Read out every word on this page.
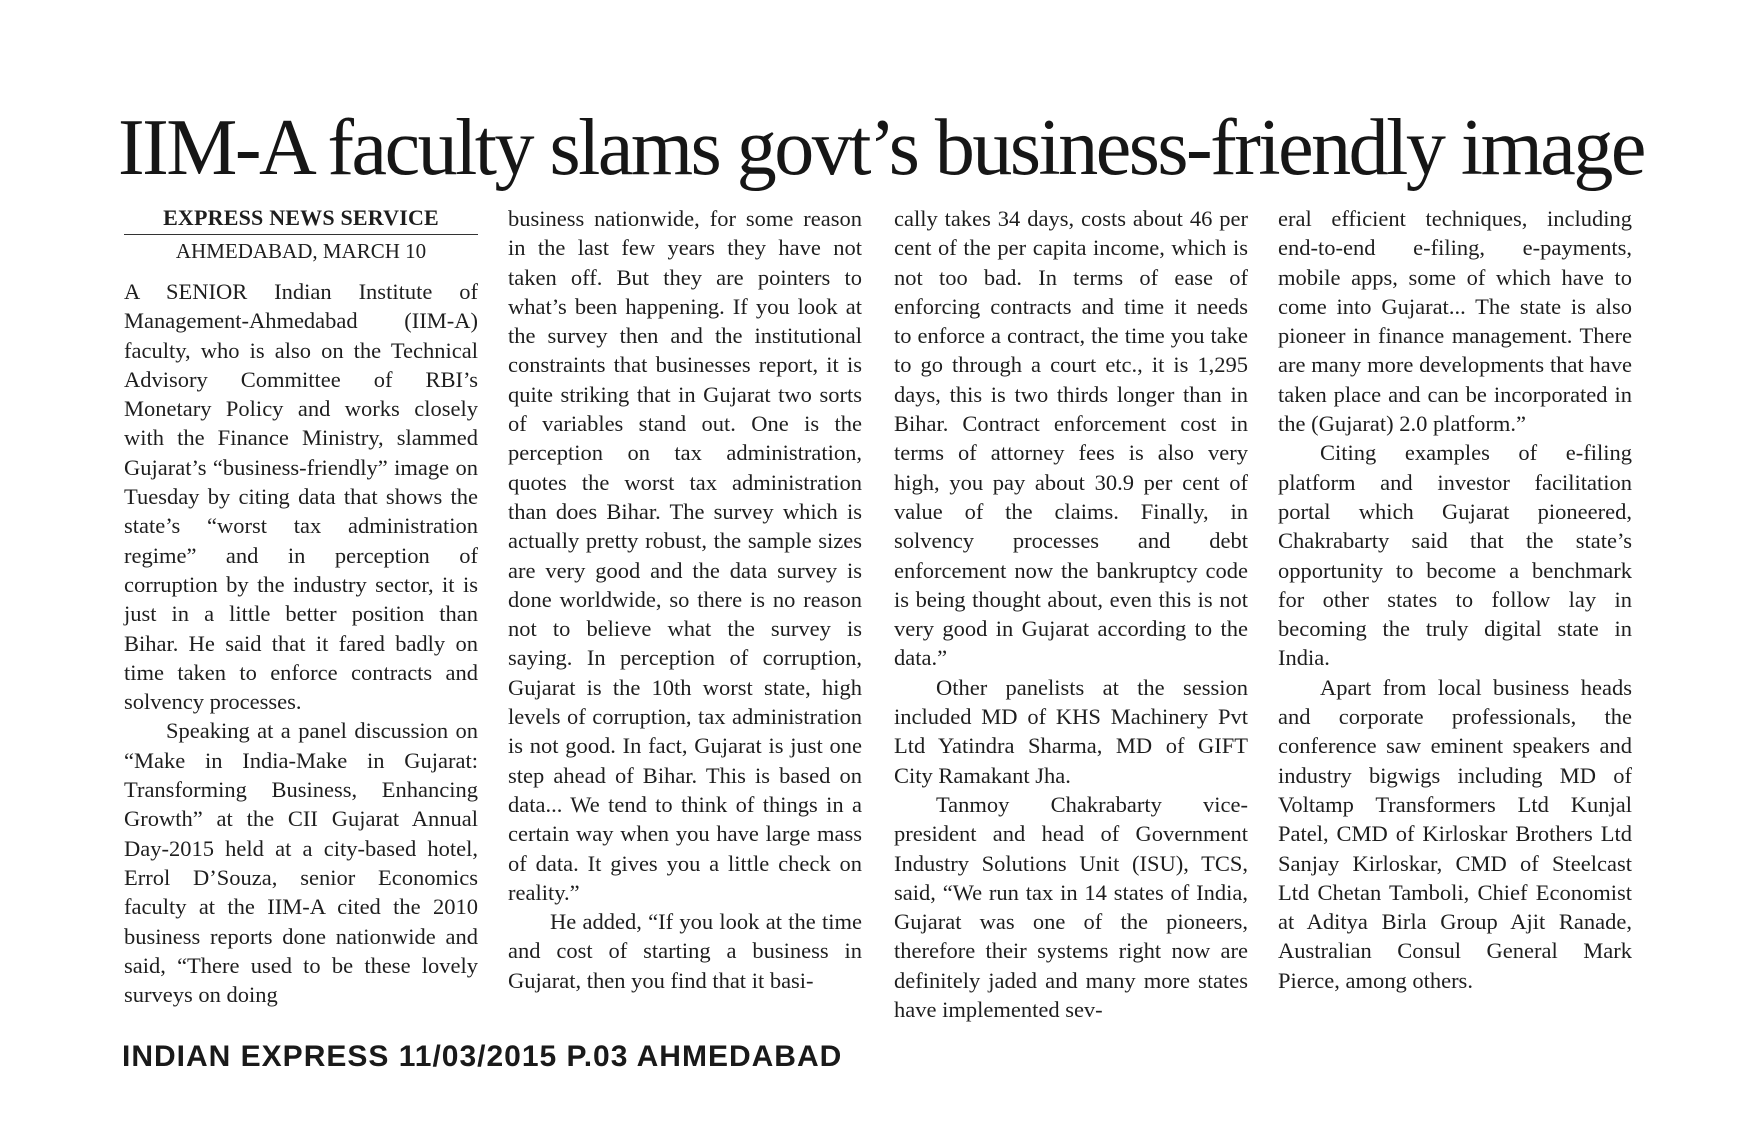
IIM-A faculty slams govt’s business-friendly image
EXPRESS NEWS SERVICE
AHMEDABAD, MARCH 10

A SENIOR Indian Institute of Management-Ahmedabad (IIM-A) faculty, who is also on the Technical Advisory Committee of RBI’s Monetary Policy and works closely with the Finance Ministry, slammed Gujarat’s “business-friendly” image on Tuesday by citing data that shows the state’s “worst tax administration regime” and in perception of corruption by the industry sector, it is just in a little better position than Bihar. He said that it fared badly on time taken to enforce contracts and solvency processes.

Speaking at a panel discussion on “Make in India-Make in Gujarat: Transforming Business, Enhancing Growth” at the CII Gujarat Annual Day-2015 held at a city-based hotel, Errol D’Souza, senior Economics faculty at the IIM-A cited the 2010 business reports done nationwide and said, “There used to be these lovely surveys on doing

business nationwide, for some reason in the last few years they have not taken off. But they are pointers to what’s been happening. If you look at the survey then and the institutional constraints that businesses report, it is quite striking that in Gujarat two sorts of variables stand out. One is the perception on tax administration, quotes the worst tax administration than does Bihar. The survey which is actually pretty robust, the sample sizes are very good and the data survey is done worldwide, so there is no reason not to believe what the survey is saying. In perception of corruption, Gujarat is the 10th worst state, high levels of corruption, tax administration is not good. In fact, Gujarat is just one step ahead of Bihar. This is based on data... We tend to think of things in a certain way when you have large mass of data. It gives you a little check on reality.”

He added, “If you look at the time and cost of starting a business in Gujarat, then you find that it basi-

cally takes 34 days, costs about 46 per cent of the per capita income, which is not too bad. In terms of ease of enforcing contracts and time it needs to enforce a contract, the time you take to go through a court etc., it is 1,295 days, this is two thirds longer than in Bihar. Contract enforcement cost in terms of attorney fees is also very high, you pay about 30.9 per cent of value of the claims. Finally, in solvency processes and debt enforcement now the bankruptcy code is being thought about, even this is not very good in Gujarat according to the data.”

Other panelists at the session included MD of KHS Machinery Pvt Ltd Yatindra Sharma, MD of GIFT City Ramakant Jha.

Tanmoy Chakrabarty vice-president and head of Government Industry Solutions Unit (ISU), TCS, said, “We run tax in 14 states of India, Gujarat was one of the pioneers, therefore their systems right now are definitely jaded and many more states have implemented sev-

eral efficient techniques, including end-to-end e-filing, e-payments, mobile apps, some of which have to come into Gujarat... The state is also pioneer in finance management. There are many more developments that have taken place and can be incorporated in the (Gujarat) 2.0 platform.”

Citing examples of e-filing platform and investor facilitation portal which Gujarat pioneered, Chakrabarty said that the state’s opportunity to become a benchmark for other states to follow lay in becoming the truly digital state in India.

Apart from local business heads and corporate professionals, the conference saw eminent speakers and industry bigwigs including MD of Voltamp Transformers Ltd Kunjal Patel, CMD of Kirloskar Brothers Ltd Sanjay Kirloskar, CMD of Steelcast Ltd Chetan Tamboli, Chief Economist at Aditya Birla Group Ajit Ranade, Australian Consul General Mark Pierce, among others.

INDIAN EXPRESS 11/03/2015 P.03 AHMEDABAD
